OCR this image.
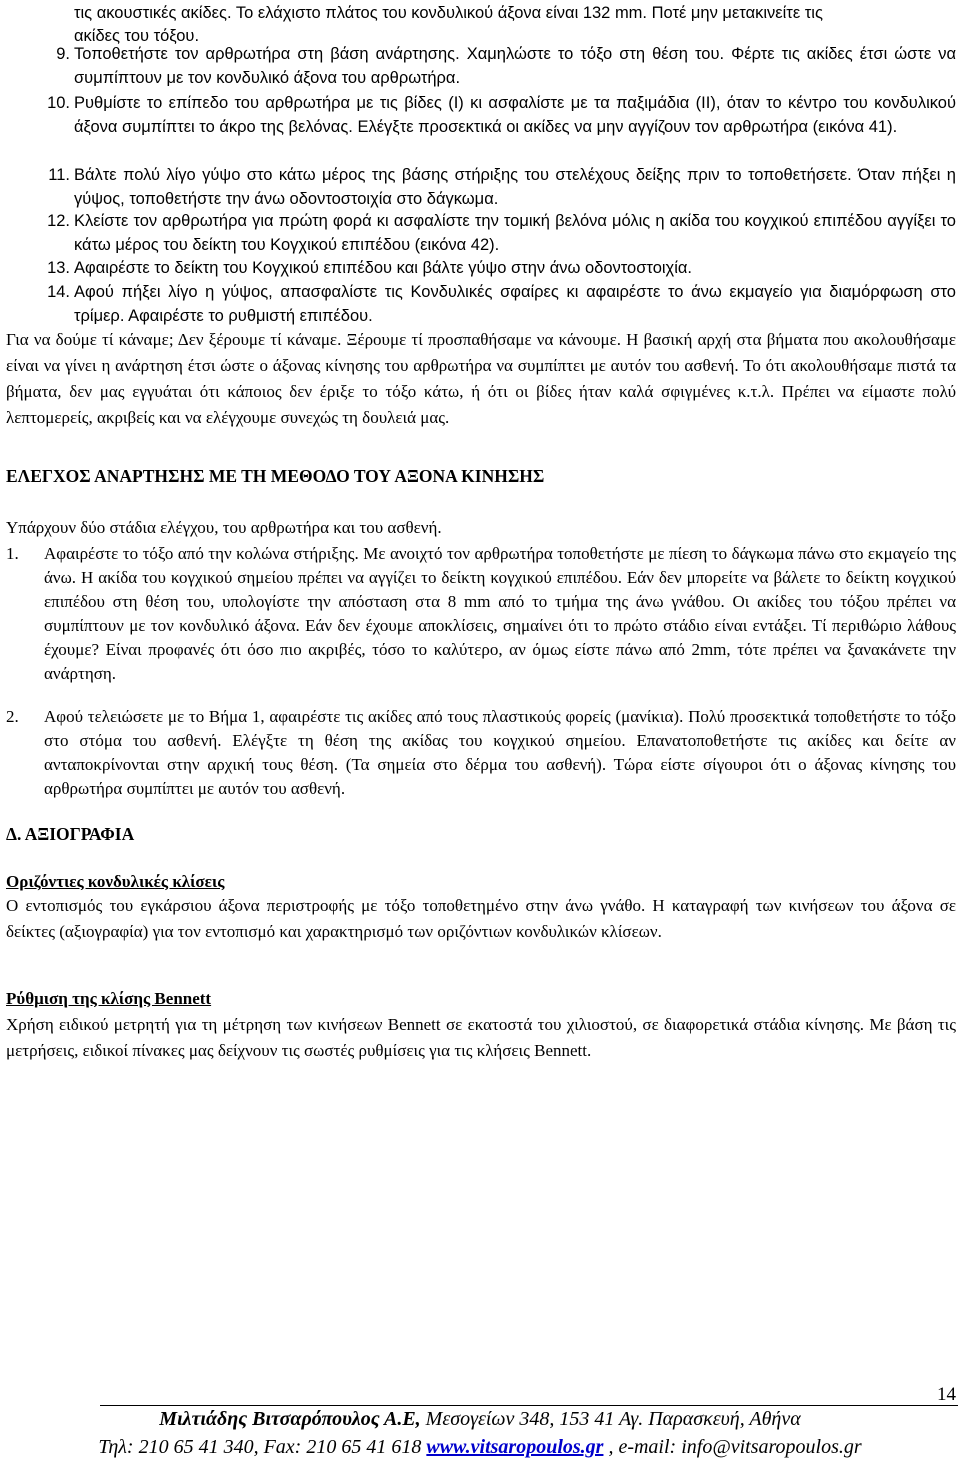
τις ακουστικές ακίδες. Το ελάχιστο πλάτος του κονδυλικού άξονα είναι 132 mm. Ποτέ μην μετακινείτε τις
ακίδες του τόξου.
9. Τοποθετήστε τον αρθρωτήρα στη βάση ανάρτησης. Χαμηλώστε το τόξο στη θέση του. Φέρτε τις ακίδες έτσι ώστε να συμπίπτουν με τον κονδυλικό άξονα του αρθρωτήρα.
10. Ρυθμίστε το επίπεδο του αρθρωτήρα με τις βίδες (I) κι ασφαλίστε με τα παξιμάδια (II), όταν το κέντρο του κονδυλικού άξονα συμπίπτει το άκρο της βελόνας. Ελέγξτε προσεκτικά οι ακίδες να μην αγγίζουν τον αρθρωτήρα (εικόνα 41).
11. Βάλτε πολύ λίγο γύψο στο κάτω μέρος της βάσης στήριξης του στελέχους δείξης πριν το τοποθετήσετε. Όταν πήξει η γύψος, τοποθετήστε την άνω οδοντοστοιχία στο δάγκωμα.
12. Κλείστε τον αρθρωτήρα για πρώτη φορά κι ασφαλίστε την τομική βελόνα μόλις η ακίδα του κογχικού επιπέδου αγγίξει το κάτω μέρος του δείκτη του Κογχικού επιπέδου (εικόνα 42).
13. Αφαιρέστε το δείκτη του Κογχικού επιπέδου και βάλτε γύψο στην άνω οδοντοστοιχία.
14. Αφού πήξει λίγο η γύψος, απασφαλίστε τις Κονδυλικές σφαίρες κι αφαιρέστε το άνω εκμαγείο για διαμόρφωση στο τρίμερ. Αφαιρέστε το ρυθμιστή επιπέδου.
Για να δούμε τί κάναμε; Δεν ξέρουμε τί κάναμε. Ξέρουμε τί προσπαθήσαμε να κάνουμε. Η βασική αρχή στα βήματα που ακολουθήσαμε είναι να γίνει η ανάρτηση έτσι ώστε ο άξονας κίνησης του αρθρωτήρα να συμπίπτει με αυτόν του ασθενή. Το ότι ακολουθήσαμε πιστά τα βήματα, δεν μας εγγυάται ότι κάποιος δεν έριξε το τόξο κάτω, ή ότι οι βίδες ήταν καλά σφιγμένες κ.τ.λ. Πρέπει να είμαστε πολύ λεπτομερείς, ακριβείς και να ελέγχουμε συνεχώς τη δουλειά μας.
ΕΛΕΓΧΟΣ ΑΝΑΡΤΗΣΗΣ ΜΕ ΤΗ ΜΕΘΟΔΟ ΤΟΥ ΑΞΟΝΑ ΚΙΝΗΣΗΣ
Υπάρχουν δύο στάδια ελέγχου, του αρθρωτήρα και του ασθενή.
1.	Αφαιρέστε το τόξο από την κολώνα στήριξης. Με ανοιχτό τον αρθρωτήρα τοποθετήστε με πίεση το δάγκωμα πάνω στο εκμαγείο της άνω. Η ακίδα του κογχικού σημείου πρέπει να αγγίζει το δείκτη κογχικού επιπέδου. Εάν δεν μπορείτε να βάλετε το δείκτη κογχικού επιπέδου στη θέση του, υπολογίστε την απόσταση στα 8 mm από το τμήμα της άνω γνάθου. Οι ακίδες του τόξου πρέπει να συμπίπτουν με τον κονδυλικό άξονα. Εάν δεν έχουμε αποκλίσεις, σημαίνει ότι το πρώτο στάδιο είναι εντάξει. Τί περιθώριο λάθους έχουμε? Είναι προφανές ότι όσο πιο ακριβές, τόσο το καλύτερο, αν όμως είστε πάνω από 2mm, τότε πρέπει να ξανακάνετε την ανάρτηση.
2.	Αφού τελειώσετε με το Βήμα 1, αφαιρέστε τις ακίδες από τους πλαστικούς φορείς (μανίκια). Πολύ προσεκτικά τοποθετήστε το τόξο στο στόμα του ασθενή. Ελέγξτε τη θέση της ακίδας του κογχικού σημείου. Επανατοποθετήστε τις ακίδες και δείτε αν ανταποκρίνονται στην αρχική τους θέση. (Τα σημεία στο δέρμα του ασθενή). Τώρα είστε σίγουροι ότι ο άξονας κίνησης του αρθρωτήρα συμπίπτει με αυτόν του ασθενή.
Δ. ΑΞΙΟΓΡΑΦΙΑ
Οριζόντιες κονδυλικές κλίσεις
Ο εντοπισμός του εγκάρσιου άξονα περιστροφής με τόξο τοποθετημένο στην άνω γνάθο. Η καταγραφή των κινήσεων του άξονα σε δείκτες (αξιογραφία) για τον εντοπισμό και χαρακτηρισμό των οριζόντιων κονδυλικών κλίσεων.
Ρύθμιση της κλίσης Bennett
Χρήση ειδικού μετρητή για τη μέτρηση των κινήσεων Bennett σε εκατοστά του χιλιοστού, σε διαφορετικά στάδια κίνησης. Με βάση τις μετρήσεις, ειδικοί πίνακες μας δείχνουν τις σωστές ρυθμίσεις για τις κλήσεις Bennett.
14
Μιλτιάδης Βιτσαρόπουλος Α.Ε, Μεσογείων 348, 153 41 Αγ. Παρασκευή, Αθήνα
Τηλ: 210 65 41 340, Fax: 210 65 41 618 www.vitsaropoulos.gr , e-mail: info@vitsaropoulos.gr
